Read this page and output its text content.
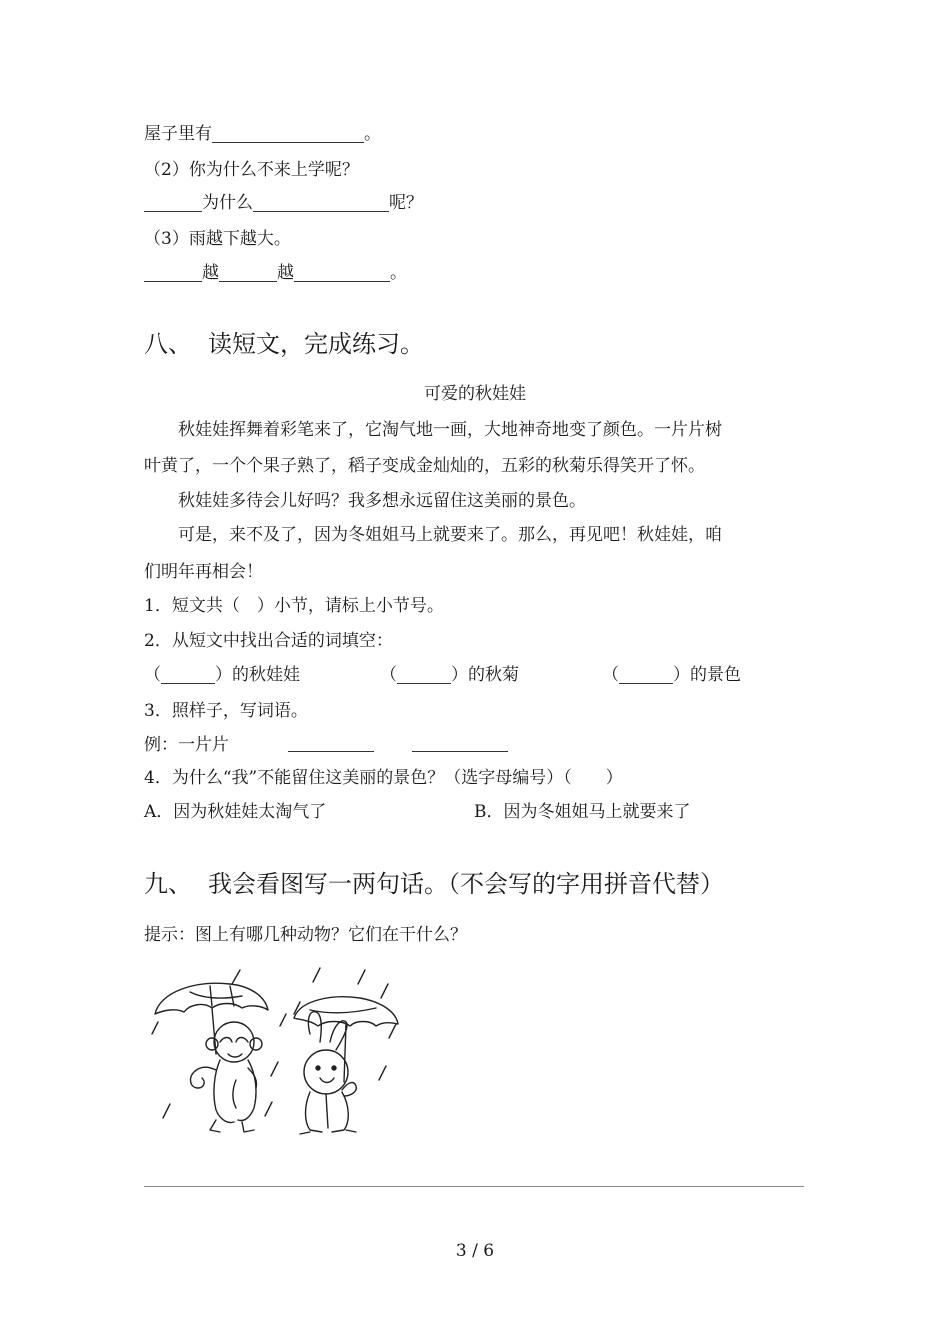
屋子里有	。
（2）你为什么不来上学呢？
为什么	呢？
（3）雨越下越大。
越	越	。
八、 读短文，完成练习。
可爱的秋娃娃
秋娃娃挥舞着彩笔来了，它淘气地一画，大地神奇地变了颜色。一片片树
叶黄了，一个个果子熟了，稻子变成金灿灿的，五彩的秋菊乐得笑开了怀。
秋娃娃多待会儿好吗？我多想永远留住这美丽的景色。
可是，来不及了，因为冬姐姐马上就要来了。那么，再见吧！秋娃娃，咱
们明年再相会！
1．短文共（　）小节，请标上小节号。
2．从短文中找出合适的词填空：
（	）的秋娃娃	（	）的秋菊	（	）的景色
3．照样子，写词语。
例：一片片
4．为什么“我”不能留住这美丽的景色？（选字母编号）（　　）
A．因为秋娃娃太淘气了	B．因为冬姐姐马上就要来了
九、 我会看图写一两句话。（不会写的字用拼音代替）
提示：图上有哪几种动物？它们在干什么？
3 / 6
